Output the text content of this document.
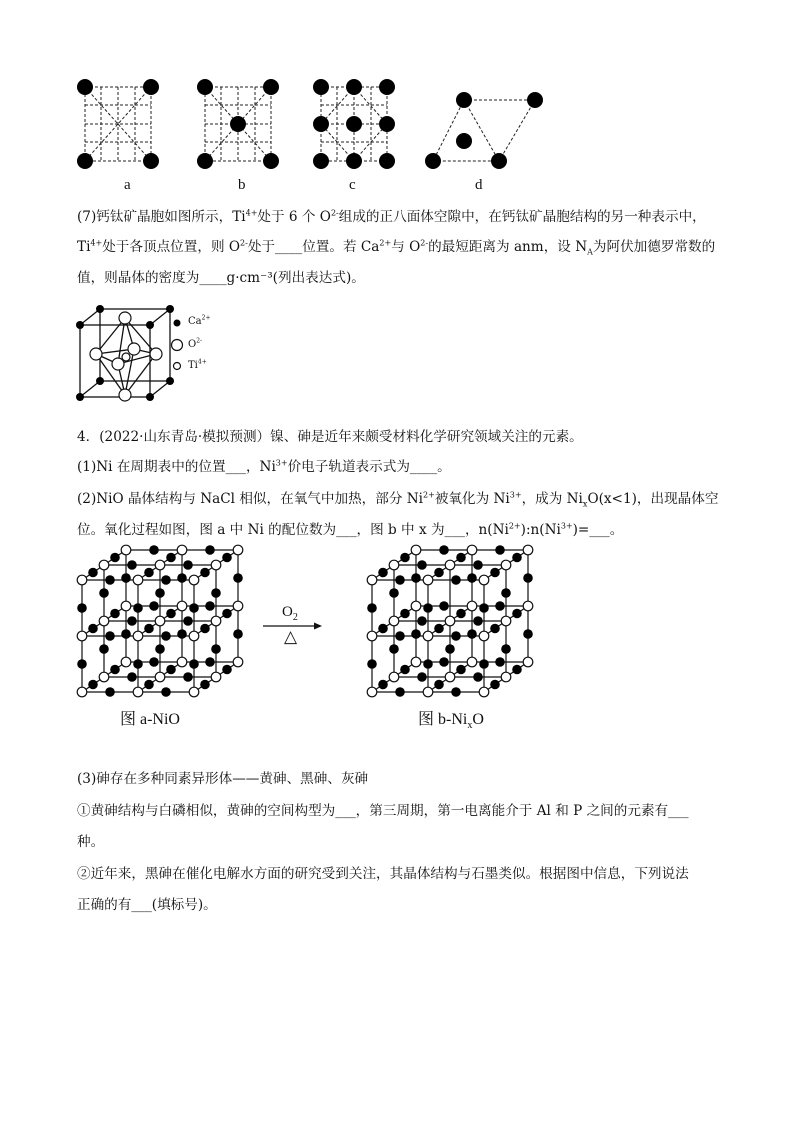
a	b	c	d
(7)钙钛矿晶胞如图所示，$Ti^{4+}$处于 6 个 $O^{2-}$组成的正八面体空隙中，在钙钛矿晶胞结构的另一种表示中，
$Ti^{4+}$处于各顶点位置，则 $O^{2-}$处于____位置。若 $Ca^{2+}$与 $O^{2-}$的最短距离为 anm，设 $N_A$为阿伏加德罗常数的
值，则晶体的密度为____g·cm⁻³(列出表达式)。
$Ca^{2+}$
$O^{2-}$
$Ti^{4+}$
4．(2022·山东青岛·模拟预测）镍、砷是近年来颇受材料化学研究领域关注的元素。
(1)Ni 在周期表中的位置___，$Ni^{3+}$价电子轨道表示式为____。
(2)NiO 晶体结构与 NaCl 相似，在氧气中加热，部分 $Ni^{2+}$被氧化为 $Ni^{3+}$，成为 $Ni_xO(x<1)$，出现晶体空
位。氧化过程如图，图 a 中 Ni 的配位数为___，图 b 中 x 为___，$n(Ni^{2+}):n(Ni^{3+})=\_\_\_$。
$O_2$
△
图 a-NiO	图 $b-Ni_xO$
(3)砷存在多种同素异形体——黄砷、黑砷、灰砷
①黄砷结构与白磷相似，黄砷的空间构型为___，第三周期，第一电离能介于 Al 和 P 之间的元素有___
种。
②近年来，黑砷在催化电解水方面的研究受到关注，其晶体结构与石墨类似。根据图中信息，下列说法
正确的有___(填标号)。
